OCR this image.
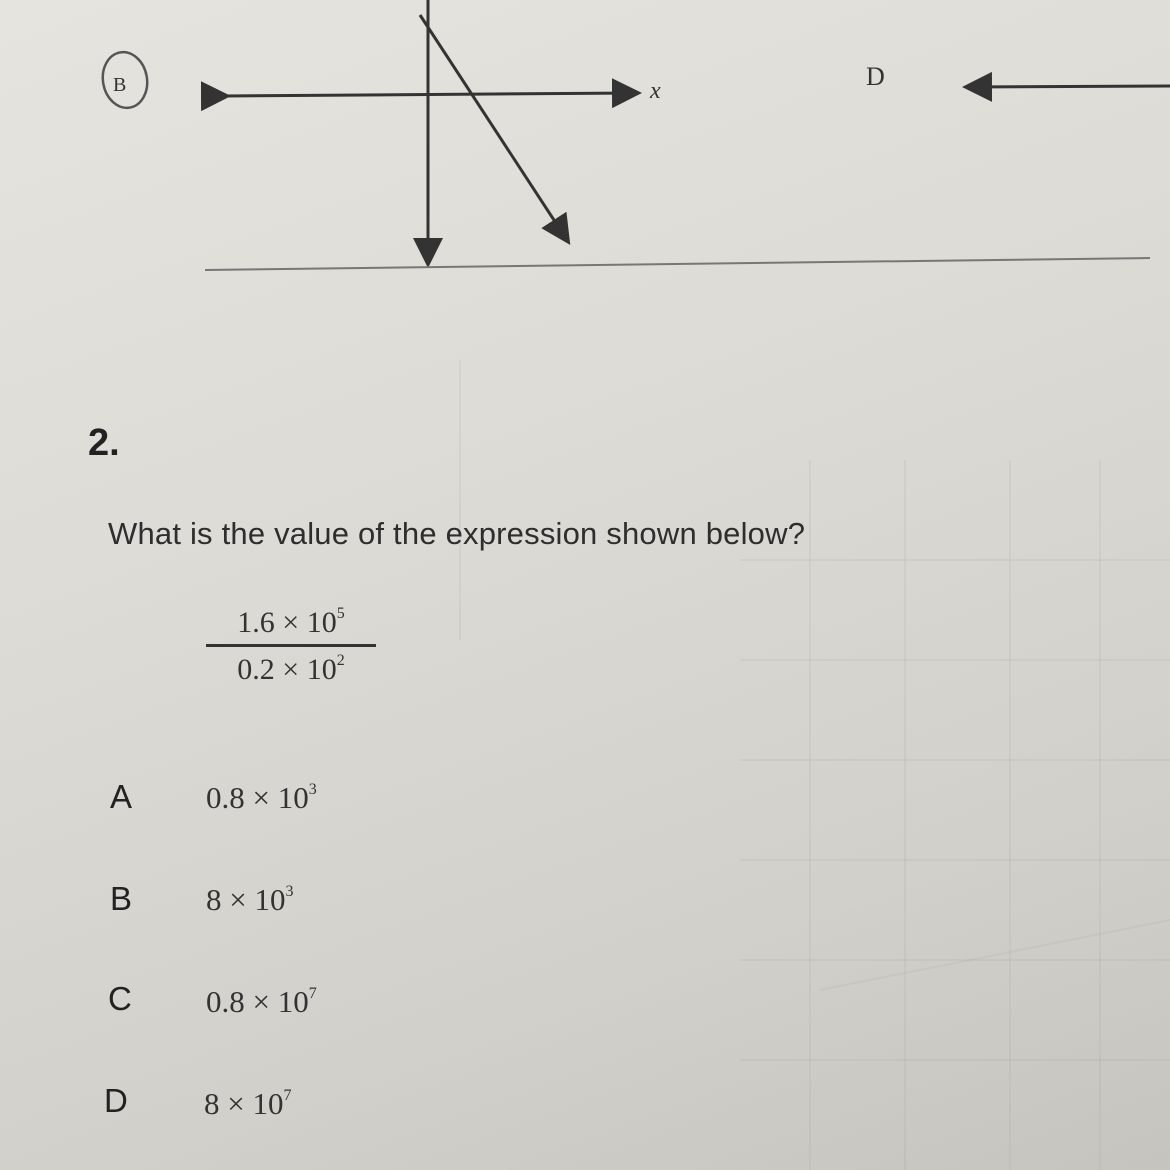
B	x	D
2.
What is the value of the expression shown below?
$1.6 \times 10^5$
$0.2 \times 10^2$
A $0.8 \times 10^3$
B $8 \times 10^3$
C $0.8 \times 10^7$
D $8 \times 10^7$
